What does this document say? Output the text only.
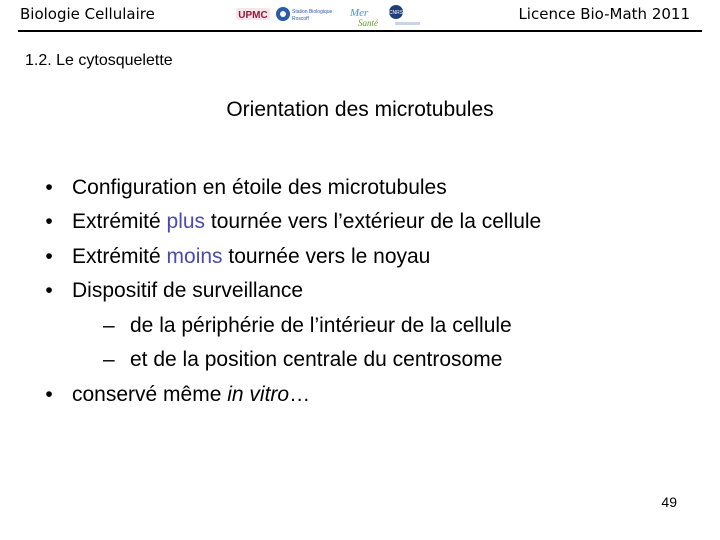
Biologie Cellulaire	UPMC	Station Biologique
Roscoff	Mer
Santé
CNRS	Licence Bio-Math 2011
1.2. Le cytosquelette
Orientation des microtubules
• Configuration en étoile des microtubules
• Extrémité plus tournée vers l’extérieur de la cellule
• Extrémité moins tournée vers le noyau
• Dispositif de surveillance
– de la périphérie de l’intérieur de la cellule
– et de la position centrale du centrosome
• conservé même in vitro…
49
